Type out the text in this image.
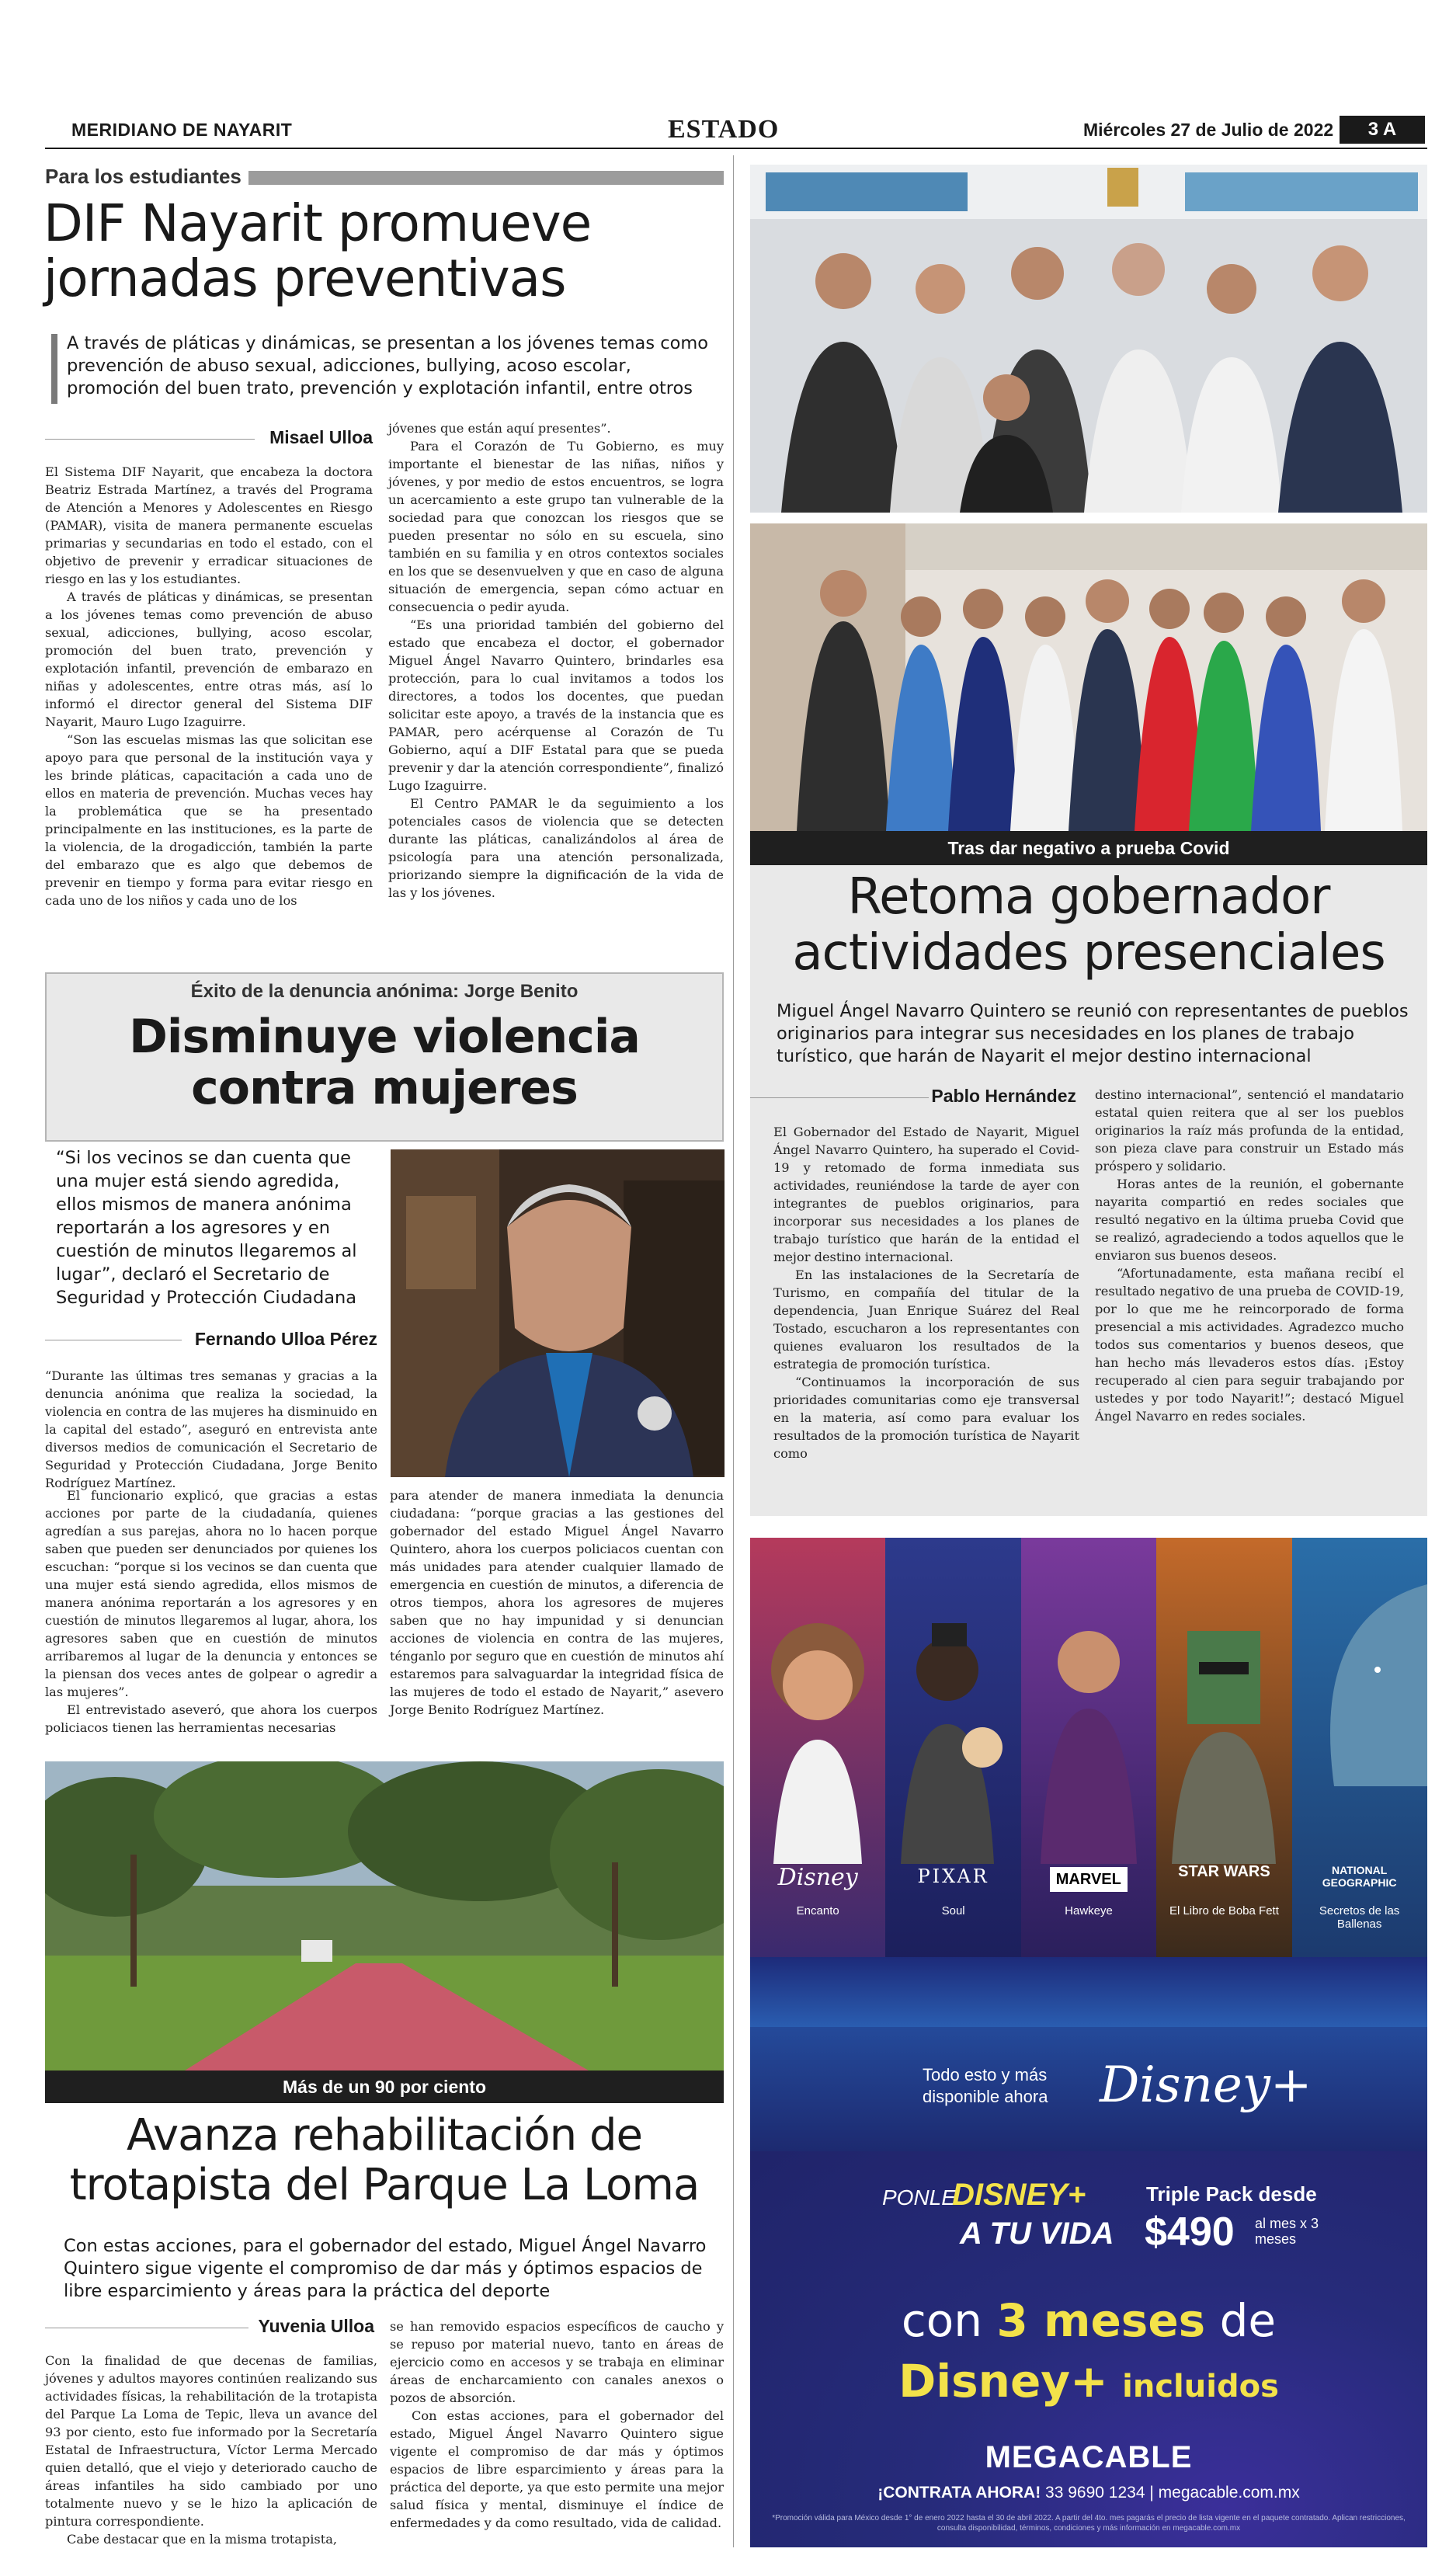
MERIDIANO DE NAYARIT	ESTADO	Miércoles 27 de Julio de 2022	3 A
Para los estudiantes
DIF Nayarit promueve jornadas preventivas
A través de pláticas y dinámicas, se presentan a los jóvenes temas como prevención de abuso sexual, adicciones, bullying, acoso escolar, promoción del buen trato, prevención y explotación infantil, entre otros
Misael Ulloa

El Sistema DIF Nayarit, que encabeza la doctora Beatriz Estrada Martínez, a través del Programa de Atención a Menores y Adolescentes en Riesgo (PAMAR), visita de manera permanente escuelas primarias y secundarias en todo el estado, con el objetivo de prevenir y erradicar situaciones de riesgo en las y los estudiantes.

A través de pláticas y dinámicas, se presentan a los jóvenes temas como prevención de abuso sexual, adicciones, bullying, acoso escolar, promoción del buen trato, prevención y explotación infantil, prevención de embarazo en niñas y adolescentes, entre otras más, así lo informó el director general del Sistema DIF Nayarit, Mauro Lugo Izaguirre.

“Son las escuelas mismas las que solicitan ese apoyo para que personal de la institución vaya y les brinde pláticas, capacitación a cada uno de ellos en materia de prevención. Muchas veces hay la problemática que se ha presentado principalmente en las instituciones, es la parte de la violencia, de la drogadicción, también la parte del embarazo que es algo que debemos de prevenir en tiempo y forma para evitar riesgo en cada uno de los niños y cada uno de los

jóvenes que están aquí presentes”.

Para el Corazón de Tu Gobierno, es muy importante el bienestar de las niñas, niños y jóvenes, y por medio de estos encuentros, se logra un acercamiento a este grupo tan vulnerable de la sociedad para que conozcan los riesgos que se pueden presentar no sólo en su escuela, sino también en su familia y en otros contextos sociales en los que se desenvuelven y que en caso de alguna situación de emergencia, sepan cómo actuar en consecuencia o pedir ayuda.

“Es una prioridad también del gobierno del estado que encabeza el doctor, el gobernador Miguel Ángel Navarro Quintero, brindarles esa protección, para lo cual invitamos a todos los directores, a todos los docentes, que puedan solicitar este apoyo, a través de la instancia que es PAMAR, pero acérquense al Corazón de Tu Gobierno, aquí a DIF Estatal para que se pueda prevenir y dar la atención correspondiente”, finalizó Lugo Izaguirre.

El Centro PAMAR le da seguimiento a los potenciales casos de violencia que se detecten durante las pláticas, canalizándolos al área de psicología para una atención personalizada, priorizando siempre la dignificación de la vida de las y los jóvenes.

Éxito de la denuncia anónima: Jorge Benito
Disminuye violencia contra mujeres
“Si los vecinos se dan cuenta que una mujer está siendo agredida, ellos mismos de manera anónima reportarán a los agresores y en cuestión de minutos llegaremos al lugar”, declaró el Secretario de Seguridad y Protección Ciudadana
Fernando Ulloa Pérez

“Durante las últimas tres semanas y gracias a la denuncia anónima que realiza la sociedad, la violencia en contra de las mujeres ha disminuido en la capital del estado”, aseguró en entrevista ante diversos medios de comunicación el Secretario de Seguridad y Protección Ciudadana, Jorge Benito Rodríguez Martínez.

El funcionario explicó, que gracias a estas acciones por parte de la ciudadanía, quienes agredían a sus parejas, ahora no lo hacen porque saben que pueden ser denunciados por quienes los escuchan: “porque si los vecinos se dan cuenta que una mujer está siendo agredida, ellos mismos de manera anónima reportarán a los agresores y en cuestión de minutos llegaremos al lugar, ahora, los agresores saben que en cuestión de minutos arribaremos al lugar de la denuncia y entonces se la piensan dos veces antes de golpear o agredir a las mujeres”.

El entrevistado aseveró, que ahora los cuerpos policiacos tienen las herramientas necesarias

para atender de manera inmediata la denuncia ciudadana: “porque gracias a las gestiones del gobernador del estado Miguel Ángel Navarro Quintero, ahora los cuerpos policiacos cuentan con más unidades para atender cualquier llamado de emergencia en cuestión de minutos, a diferencia de otros tiempos, ahora los agresores de mujeres saben que no hay impunidad y si denuncian acciones de violencia en contra de las mujeres, ténganlo por seguro que en cuestión de minutos ahí estaremos para salvaguardar la integridad física de las mujeres de todo el estado de Nayarit,” asevero Jorge Benito Rodríguez Martínez.

Más de un 90 por ciento
Avanza rehabilitación de trotapista del Parque La Loma
Con estas acciones, para el gobernador del estado, Miguel Ángel Navarro Quintero sigue vigente el compromiso de dar más y óptimos espacios de libre esparcimiento y áreas para la práctica del deporte
Yuvenia Ulloa

Con la finalidad de que decenas de familias, jóvenes y adultos mayores continúen realizando sus actividades físicas, la rehabilitación de la trotapista del Parque La Loma de Tepic, lleva un avance del 93 por ciento, esto fue informado por la Secretaría Estatal de Infraestructura, Víctor Lerma Mercado quien detalló, que el viejo y deteriorado caucho de áreas infantiles ha sido cambiado por uno totalmente nuevo y se le hizo la aplicación de pintura correspondiente.

Cabe destacar que en la misma trotapista,

se han removido espacios específicos de caucho y se repuso por material nuevo, tanto en áreas de ejercicio como en accesos y se trabaja en eliminar áreas de encharcamiento con canales anexos o pozos de absorción.

Con estas acciones, para el gobernador del estado, Miguel Ángel Navarro Quintero sigue vigente el compromiso de dar más y óptimos espacios de libre esparcimiento y áreas para la práctica del deporte, ya que esto permite una mejor salud física y mental, disminuye el índice de enfermedades y da como resultado, vida de calidad.

Tras dar negativo a prueba Covid
Retoma gobernador actividades presenciales
Miguel Ángel Navarro Quintero se reunió con representantes de pueblos originarios para integrar sus necesidades en los planes de trabajo turístico, que harán de Nayarit el mejor destino internacional
Pablo Hernández

El Gobernador del Estado de Nayarit, Miguel Ángel Navarro Quintero, ha superado el Covid-19 y retomado de forma inmediata sus actividades, reuniéndose la tarde de ayer con integrantes de pueblos originarios, para incorporar sus necesidades a los planes de trabajo turístico que harán de la entidad el mejor destino internacional.

En las instalaciones de la Secretaría de Turismo, en compañía del titular de la dependencia, Juan Enrique Suárez del Real Tostado, escucharon a los representantes con quienes evaluaron los resultados de la estrategia de promoción turística.

“Continuamos la incorporación de sus prioridades comunitarias como eje transversal en la materia, así como para evaluar los resultados de la promoción turística de Nayarit como

destino internacional”, sentenció el mandatario estatal quien reitera que al ser los pueblos originarios la raíz más profunda de la entidad, son pieza clave para construir un Estado más próspero y solidario.

Horas antes de la reunión, el gobernante nayarita compartió en redes sociales que resultó negativo en la última prueba Covid que se realizó, agradeciendo a todos aquellos que le enviaron sus buenos deseos.

“Afortunadamente, esta mañana recibí el resultado negativo de una prueba de COVID-19, por lo que me he reincorporado de forma presencial a mis actividades. Agradezco mucho todos sus comentarios y buenos deseos, que han hecho más llevaderos estos días. ¡Estoy recuperado al cien para seguir trabajando por ustedes y por todo Nayarit!”; destacó Miguel Ángel Navarro en redes sociales.

Disney
Encanto
PIXAR
Soul
MARVEL
Hawkeye
STAR WARS
El Libro de Boba Fett
NATIONAL GEOGRAPHIC
Secretos de las Ballenas
Todo esto y más disponible ahora Disney+
PONLE
DISNEY+
A TU VIDA
Triple Pack desde
$490 al mes x 3 meses
con 3 meses de
Disney+ incluidos
MEGACABLE
¡CONTRATA AHORA! 33 9690 1234 | megacable.com.mx
*Promoción válida para México desde 1° de enero 2022 hasta el 30 de abril 2022. A partir del 4to. mes pagarás el precio de lista vigente en el paquete contratado. Aplican restricciones, consulta disponibilidad, términos, condiciones y más información en megacable.com.mx
